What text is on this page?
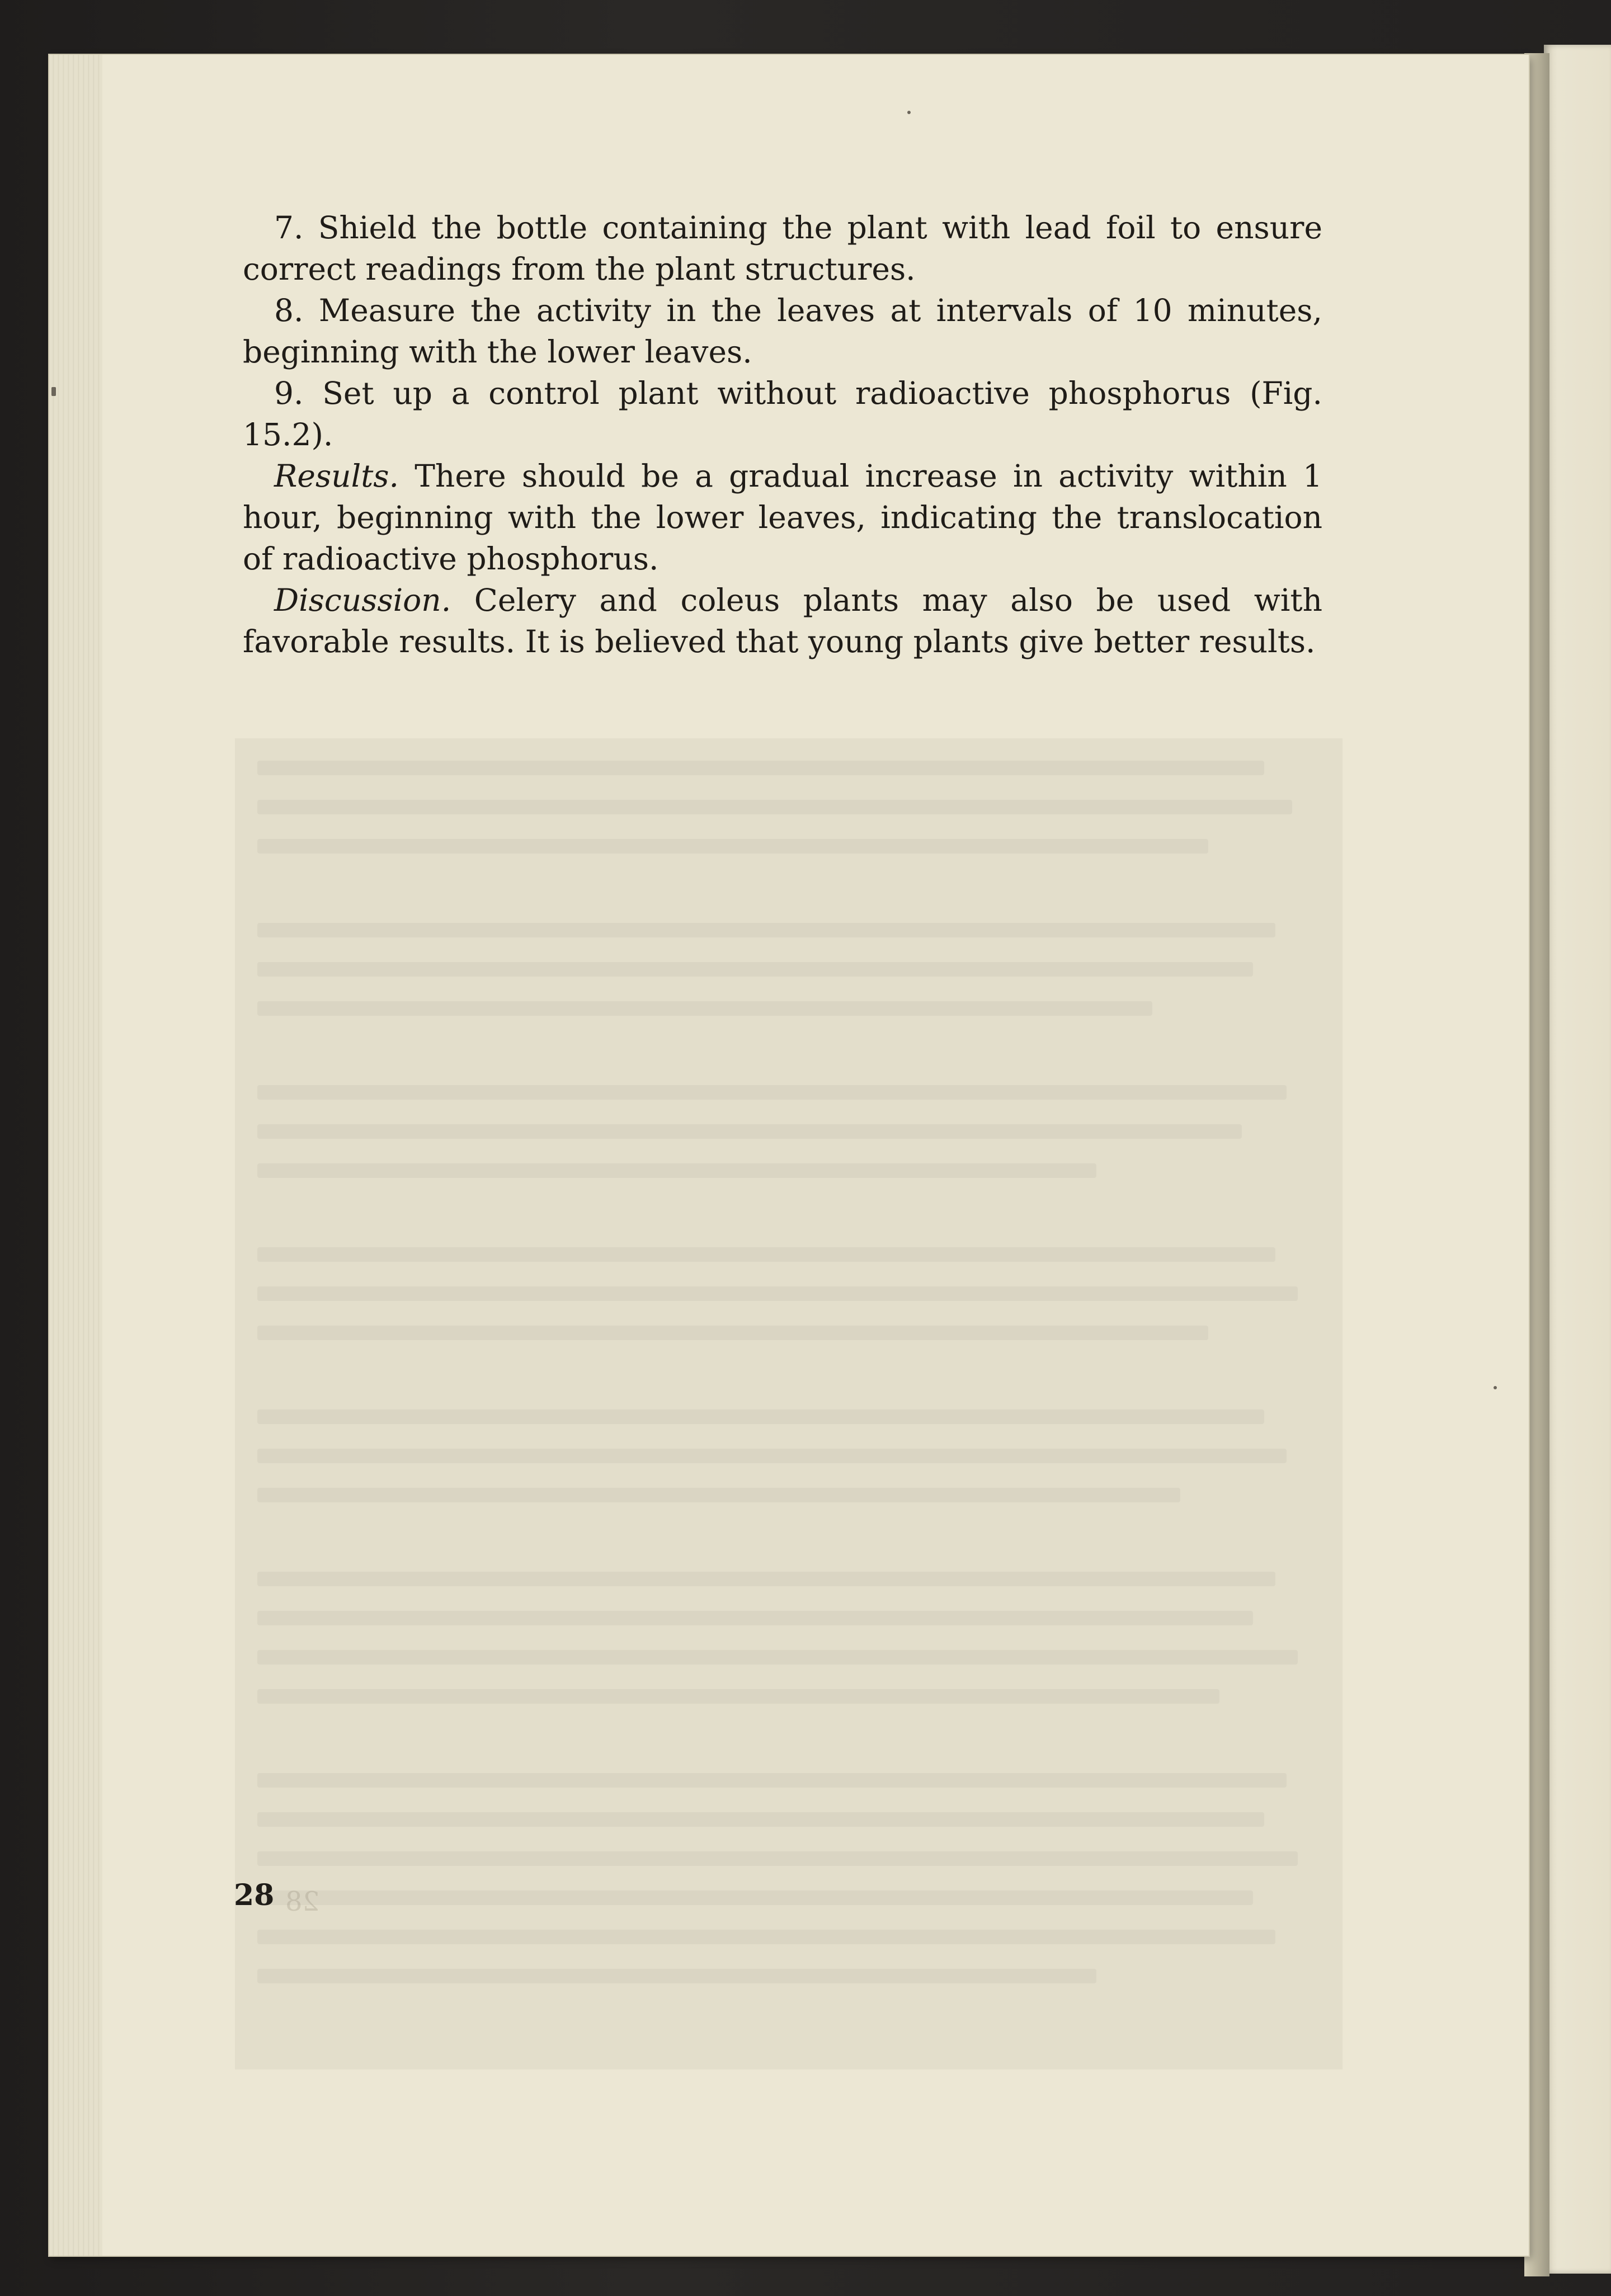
7. Shield the bottle containing the plant with lead foil to ensure correct readings from the plant structures.

8. Measure the activity in the leaves at intervals of 10 minutes, beginning with the lower leaves.

9. Set up a control plant without radioactive phosphorus (Fig. 15.2).

Results. There should be a gradual increase in activity within 1 hour, beginning with the lower leaves, indicating the translocation of radioactive phosphorus.

Discussion. Celery and coleus plants may also be used with favorable results. It is believed that young plants give better results.

28 28
